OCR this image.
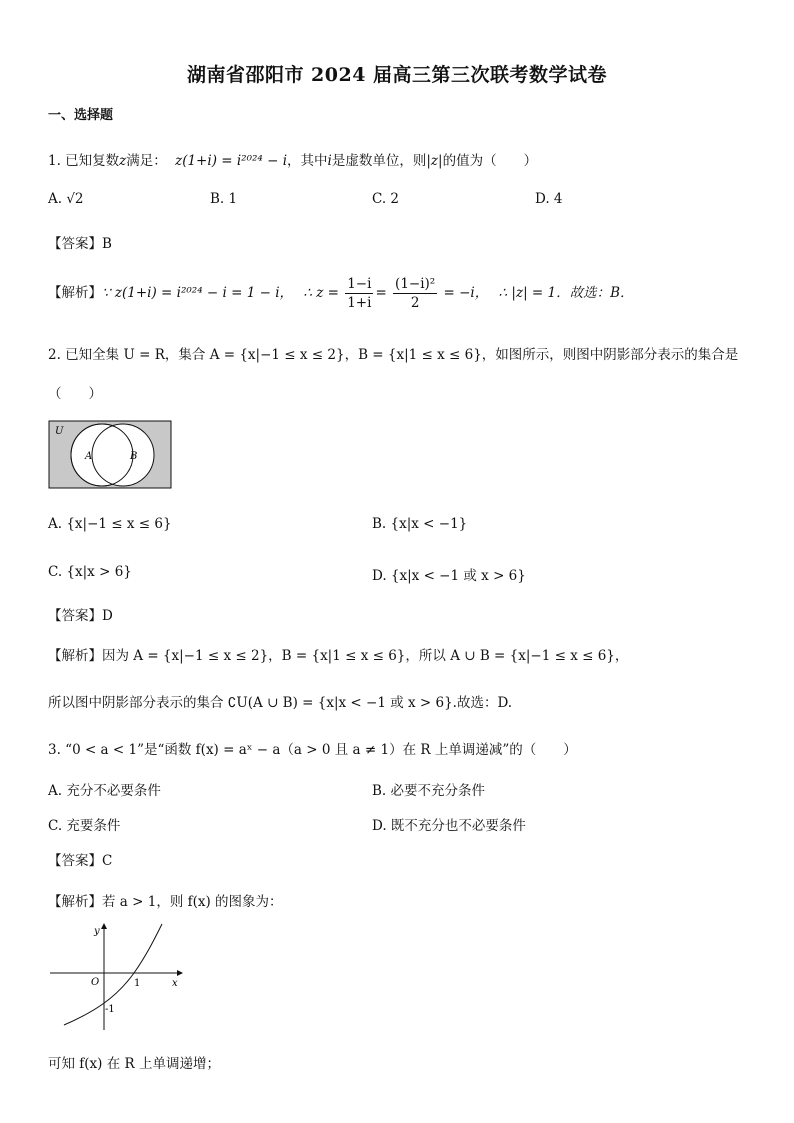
湖南省邵阳市 2024 届高三第三次联考数学试卷
一、选择题
1. 已知复数z满足： z(1+i) = i²⁰²⁴ − i，其中i是虚数单位，则|z|的值为（　　）
A. √2	B. 1	C. 2	D. 4
【答案】B
【解析】∵ z(1+i) = i²⁰²⁴ − i = 1 − i， ∴ $z = \frac{1-i}{1+i} = \frac{\text{(1−i)²}}{2} = -i$， ∴ |z| = 1．故选：B．
2. 已知全集 U = R，集合 A = {x|−1 ≤ x ≤ 2}，B = {x|1 ≤ x ≤ 6}，如图所示，则图中阴影部分表示的集合是
（　　）
U
A	B
A. {x|−1 ≤ x ≤ 6}	B. {x|x < −1}
C. {x|x > 6}	D. {x|x < −1 或 x > 6}
【答案】D
【解析】因为 A = {x|−1 ≤ x ≤ 2}，B = {x|1 ≤ x ≤ 6}，所以 A ∪ B = {x|−1 ≤ x ≤ 6}，
所以图中阴影部分表示的集合 ∁U(A ∪ B) = {x|x < −1 或 x > 6}.故选：D.
3. “0 < a < 1”是“函数 f(x) = aˣ − a（a > 0 且 a ≠ 1）在 R 上单调递减”的（　　）
A. 充分不必要条件	B. 必要不充分条件
C. 充要条件	D. 既不充分也不必要条件
【答案】C
【解析】若 a > 1，则 f(x) 的图象为：
y
x
O	1
-1
可知 f(x) 在 R 上单调递增；
